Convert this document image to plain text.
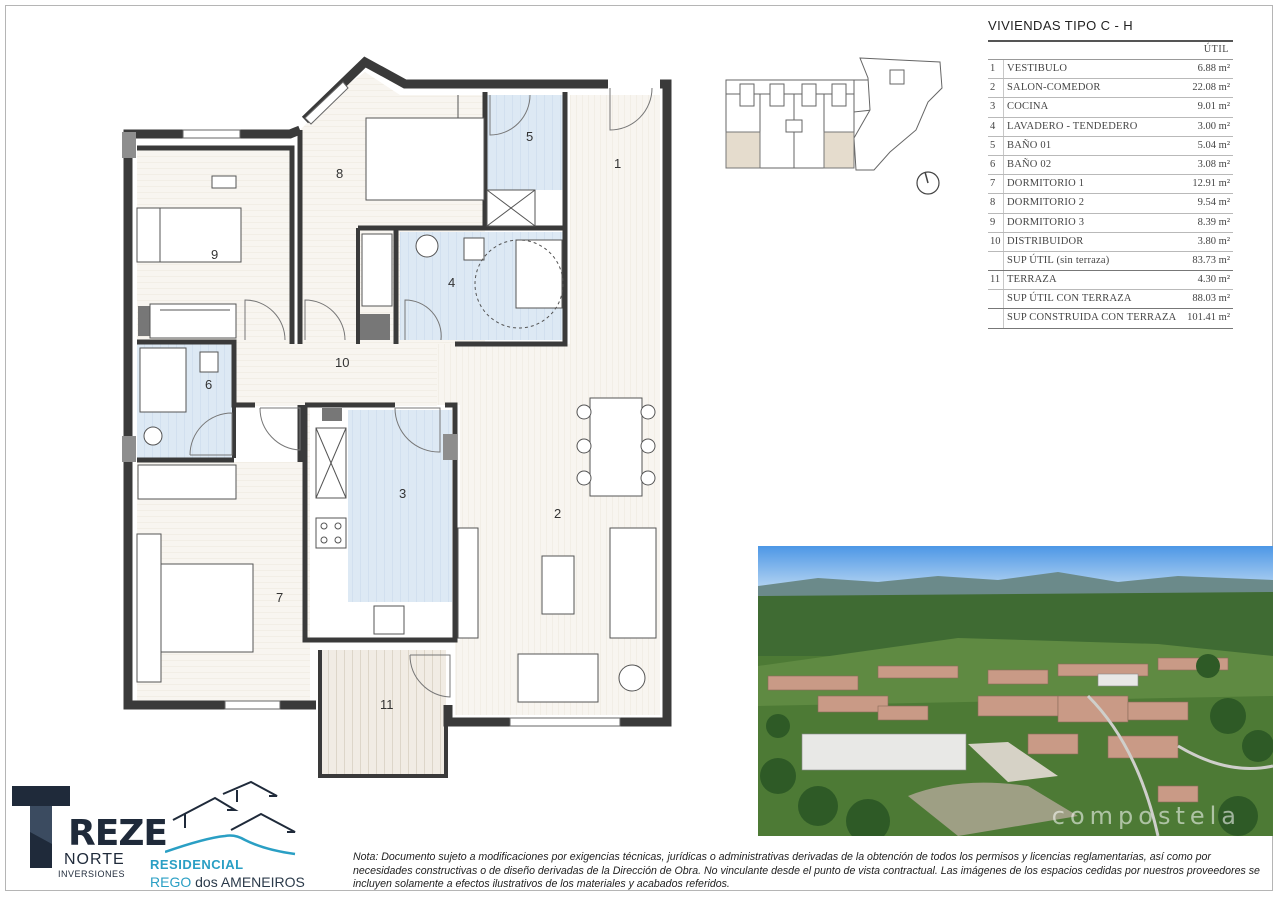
1
2
3
4
5
6
7
8
9
10
11
VIVIENDAS TIPO C - H
ÚTIL
1	VESTIBULO	6.88 m²
2	SALON-COMEDOR	22.08 m²
3	COCINA	9.01 m²
4	LAVADERO - TENDEDERO	3.00 m²
5	BAÑO 01	5.04 m²
6	BAÑO 02	3.08 m²
7	DORMITORIO 1	12.91 m²
8	DORMITORIO 2	9.54 m²
9	DORMITORIO 3	8.39 m²
10 DISTRIBUIDOR	3.80 m²
SUP ÚTIL (sin terraza)	83.73 m²
11 TERRAZA	4.30 m²
SUP ÚTIL CON TERRAZA	88.03 m²
SUP CONSTRUIDA CON TERRAZA 101.41 m²
compostela
REZE
NORTE
INVERSIONES
RESIDENCIAL
REGO dos AMENEIROS
Nota: Documento sujeto a modificaciones por exigencias técnicas, jurídicas o administrativas derivadas de la obtención de todos los permisos y licencias reglamentarias, así como por necesidades constructivas o de diseño derivadas de la Dirección de Obra. No vinculante desde el punto de vista contractual. Las imágenes de los espacios cedidas por nuestros proveedores se incluyen solamente a efectos ilustrativos de los materiales y acabados referidos.
